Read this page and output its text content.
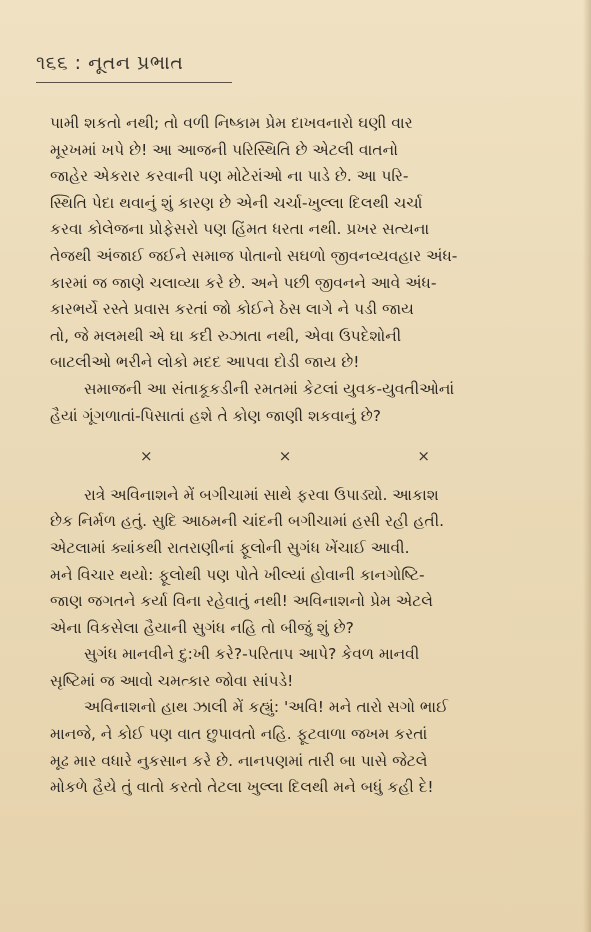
૧૬૬ : નૂતન પ્રભાત
પામી શકતો નથી; તો વળી નિષ્કામ પ્રેમ દાખવનારો ઘણી વાર
મૂરખમાં ખપે છે! આ આજની પરિસ્થિતિ છે એટલી વાતનો
જાહેર એકરાર કરવાની પણ મોટેરાંઓ ના પાડે છે. આ પરિ-
સ્થિતિ પેદા થવાનું શું કારણ છે એની ચર્ચા-ખુલ્લા દિલથી ચર્ચા
કરવા કોલેજના પ્રોફેસરો પણ હિંમત ધરતા નથી. પ્રખર સત્યના
તેજથી અંજાઈ જઈને સમાજ પોતાનો સઘળો જીવનવ્યવહાર અંધ-
કારમાં જ જાણે ચલાવ્યા કરે છે. અને પછી જીવનને આવે અંધ-
કારભર્યે રસ્તે પ્રવાસ કરતાં જો કોઈને ઠેસ લાગે ને પડી જાય
તો, જે મલમથી એ ઘા કદી રુઝાતા નથી, એવા ઉપદેશોની
બાટલીઓ ભરીને લોકો મદદ આપવા દોડી જાય છે!
સમાજની આ સંતાકૂકડીની રમતમાં કેટલાં યુવક-યુવતીઓનાં
હૈયાં ગૂંગળાતાં-પિસાતાં હશે તે કોણ જાણી શકવાનું છે?
×	×	×
રાત્રે અવિનાશને મેં બગીચામાં સાથે ફરવા ઉપાડ્યો. આકાશ
છેક નિર્મળ હતું. સુદિ આઠમની ચાંદની બગીચામાં હસી રહી હતી.
એટલામાં ક્યાંકથી રાતરાણીનાં ફૂલોની સુગંધ ખેંચાઈ આવી.
મને વિચાર થયો: ફૂલોથી પણ પોતે ખીલ્યાં હોવાની કાનગોષ્ટિ-
જાણ જગતને કર્યા વિના રહેવાતું નથી! અવિનાશનો પ્રેમ એટલે
એના વિકસેલા હૈયાની સુગંધ નહિ તો બીજું શું છે?
સુગંધ માનવીને દુ:ખી કરે?-પરિતાપ આપે? કેવળ માનવી
સૃષ્ટિમાં જ આવો ચમત્કાર જોવા સાંપડે!
અવિનાશનો હાથ ઝાલી મેં કહ્યું: 'અવિ! મને તારો સગો ભાઈ
માનજે, ને કોઈ પણ વાત છુપાવતો નહિ. ફૂટવાળા જખમ કરતાં
મૂઢ માર વધારે નુકસાન કરે છે. નાનપણમાં તારી બા પાસે જેટલે
મોકળે હૈયે તું વાતો કરતો તેટલા ખુલ્લા દિલથી મને બધું કહી દે!
